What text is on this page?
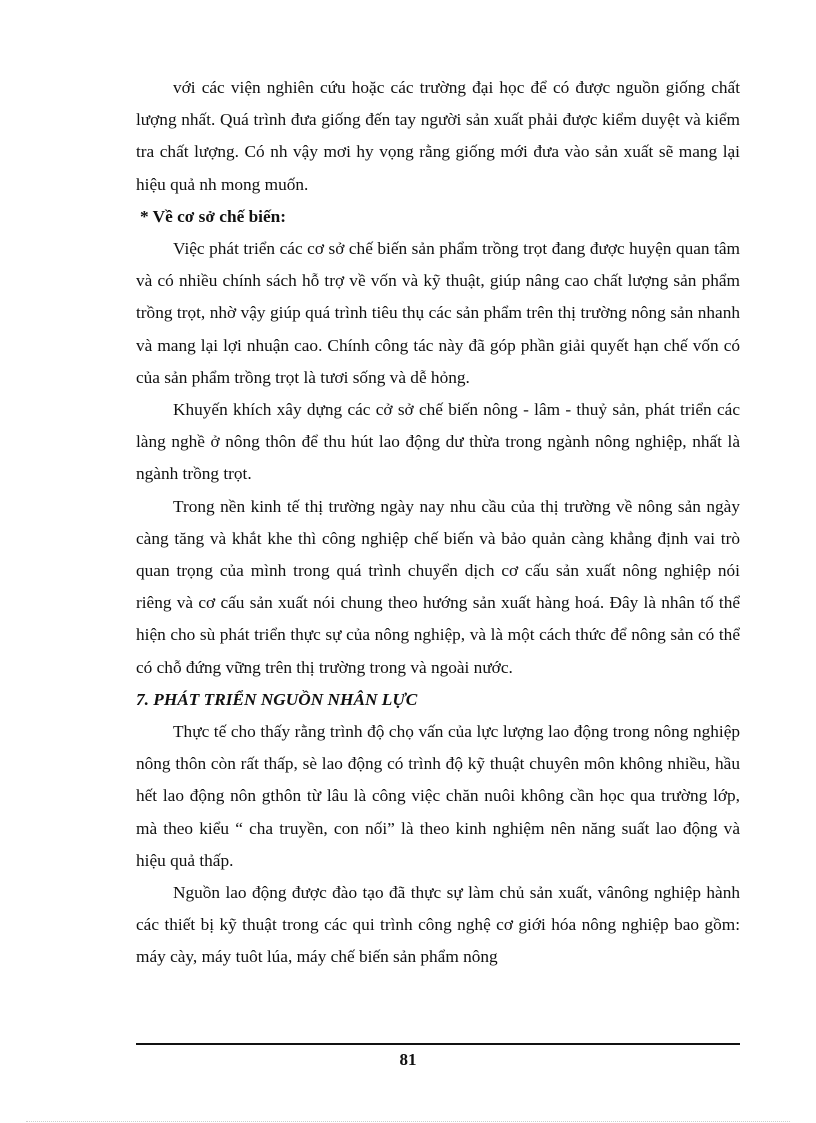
với các viện nghiên cứu hoặc các trường đại học để có được nguồn giống chất lượng nhất. Quá trình đưa giống đến tay người sản xuất phải được kiểm duyệt và kiểm tra chất lượng. Có nh vậy mơi hy vọng rằng giống mới đưa vào sản xuất sẽ mang lại hiệu quả nh mong muốn.

* Về cơ sở chế biến:

Việc phát triển các cơ sở chế biến sản phẩm trồng trọt đang được huyện quan tâm và có nhiều chính sách hỗ trợ về vốn và kỹ thuật, giúp nâng cao chất lượng sản phẩm trồng trọt, nhờ vậy giúp quá trình tiêu thụ các sản phẩm trên thị trường nông sản nhanh và mang lại lợi nhuận cao. Chính công tác này đã góp phần giải quyết hạn chế vốn có của sản phẩm trồng trọt là tươi sống và dễ hỏng.

Khuyến khích xây dựng các cở sở chế biến nông - lâm - thuỷ sản, phát triển các làng nghề ở nông thôn để thu hút lao động dư thừa trong ngành nông nghiệp, nhất là ngành trồng trọt.

Trong nền kinh tế thị trường ngày nay nhu cầu của thị trường về nông sản ngày càng tăng và khắt khe thì công nghiệp chế biến và bảo quản càng khẳng định vai trò quan trọng của mình trong quá trình chuyển dịch cơ cấu sản xuất nông nghiệp nói riêng và cơ cấu sản xuất nói chung theo hướng sản xuất hàng hoá. Đây là nhân tố thể hiện cho sù phát triển thực sự của nông nghiệp, và là một cách thức để nông sản có thể có chỗ đứng vững trên thị trường trong và ngoài nước.

7. PHÁT TRIỂN NGUỒN NHÂN LỰC

Thực tế cho thấy rằng trình độ chọ vấn của lực lượng lao động trong nông nghiệp nông thôn còn rất thấp, sè lao động có trình độ kỹ thuật chuyên môn không nhiều, hầu hết lao động nôn gthôn từ lâu là công việc chăn nuôi không cần học qua trường lớp, mà theo kiểu “ cha truyền, con nối” là theo kinh nghiệm nên năng suất lao động và hiệu quả thấp.

Nguồn lao động được đào tạo đã thực sự làm chủ sản xuất, vânông nghiệp hành các thiết bị kỹ thuật trong các qui trình công nghệ cơ giới hóa nông nghiệp bao gồm: máy cày, máy tuôt lúa, máy chế biến sản phẩm nông

81
